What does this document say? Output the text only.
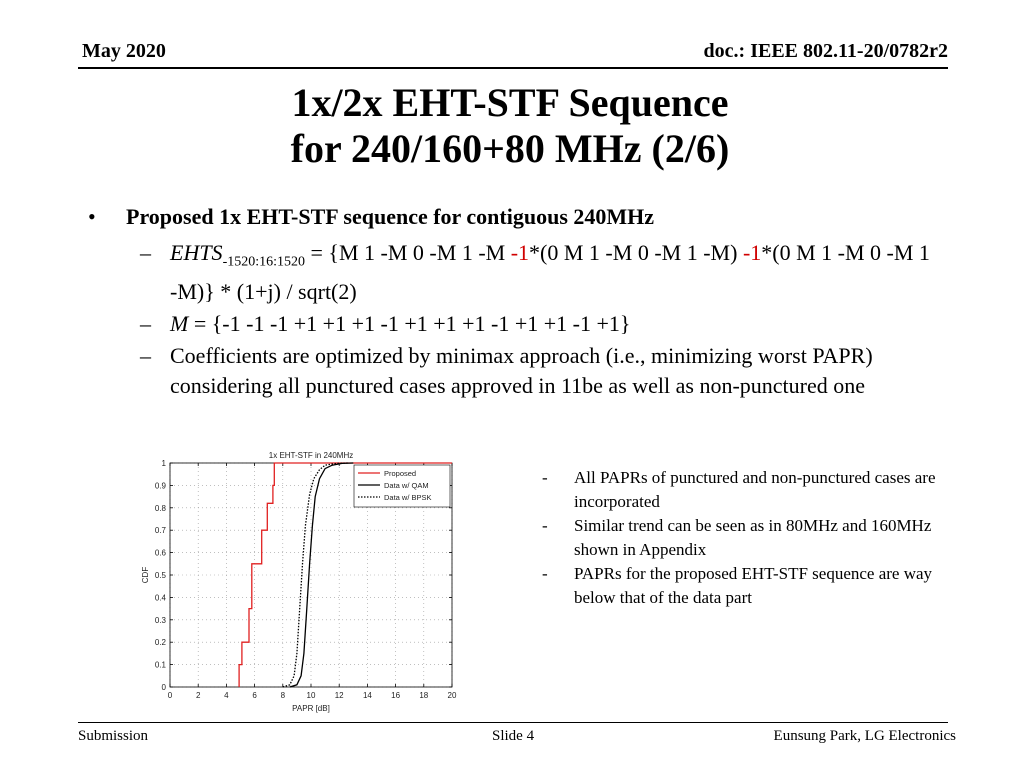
May 2020	doc.: IEEE 802.11-20/0782r2
1x/2x EHT-STF Sequence
for 240/160+80 MHz (2/6)
• Proposed 1x EHT-STF sequence for contiguous 240MHz
– $EHTS_{-1520:16:1520} = \{M$ 1 -M 0 -M 1 -M -1*(0 M 1 -M 0 -M 1 -M) -1*(0 M 1 -M 0 -M 1 -M)} * (1+j) / sqrt(2)
– M = {-1 -1 -1 +1 +1 +1 -1 +1 +1 +1 -1 +1 +1 -1 +1}
– Coefficients are optimized by minimax approach (i.e., minimizing worst PAPR) considering all punctured cases approved in 11be as well as non-punctured one
0	2	4	6	8	10 12 14 16 18 20
0
0.1
0.2
0.3
0.4
0.5
0.6
0.7
0.8
0.9
1
1x EHT-STF in 240MHz
PAPR [dB]
CDF
Proposed
Data w/ QAM
Data w/ BPSK
- All PAPRs of punctured and non-punctured cases are incorporated
- Similar trend can be seen as in 80MHz and 160MHz shown in Appendix
- PAPRs for the proposed EHT-STF sequence are way below that of the data part
Submission	Slide 4	Eunsung Park, LG Electronics
